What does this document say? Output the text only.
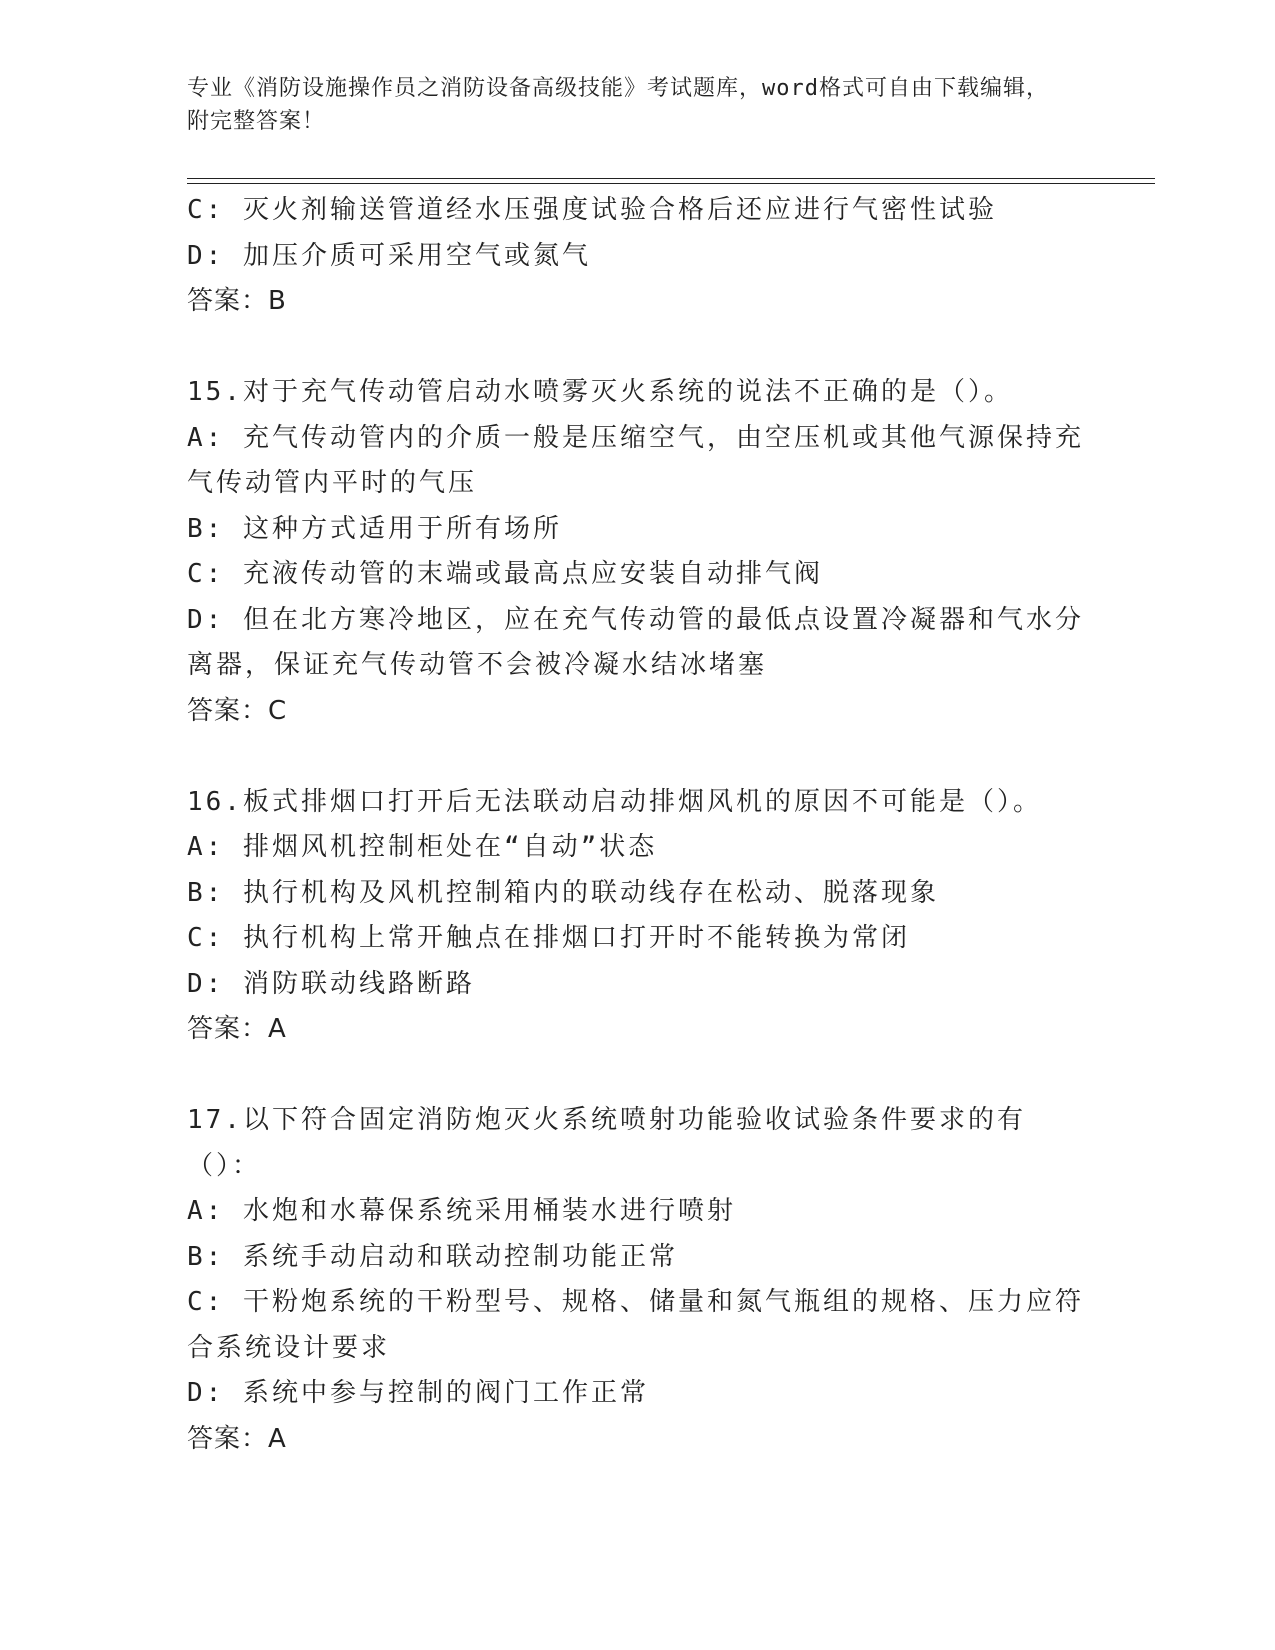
专业《消防设施操作员之消防设备高级技能》考试题库，word格式可自由下载编辑，附完整答案！
C: 灭火剂输送管道经水压强度试验合格后还应进行气密性试验
D: 加压介质可采用空气或氮气
答案：B
15.对于充气传动管启动水喷雾灭火系统的说法不正确的是（）。
A: 充气传动管内的介质一般是压缩空气，由空压机或其他气源保持充气传动管内平时的气压
B: 这种方式适用于所有场所
C: 充液传动管的末端或最高点应安装自动排气阀
D: 但在北方寒冷地区，应在充气传动管的最低点设置冷凝器和气水分离器，保证充气传动管不会被冷凝水结冰堵塞
答案：C
16.板式排烟口打开后无法联动启动排烟风机的原因不可能是（）。
A: 排烟风机控制柜处在“自动”状态
B: 执行机构及风机控制箱内的联动线存在松动、脱落现象
C: 执行机构上常开触点在排烟口打开时不能转换为常闭
D: 消防联动线路断路
答案：A
17.以下符合固定消防炮灭火系统喷射功能验收试验条件要求的有（）：
A: 水炮和水幕保系统采用桶装水进行喷射
B: 系统手动启动和联动控制功能正常
C: 干粉炮系统的干粉型号、规格、储量和氮气瓶组的规格、压力应符合系统设计要求
D: 系统中参与控制的阀门工作正常
答案：A
